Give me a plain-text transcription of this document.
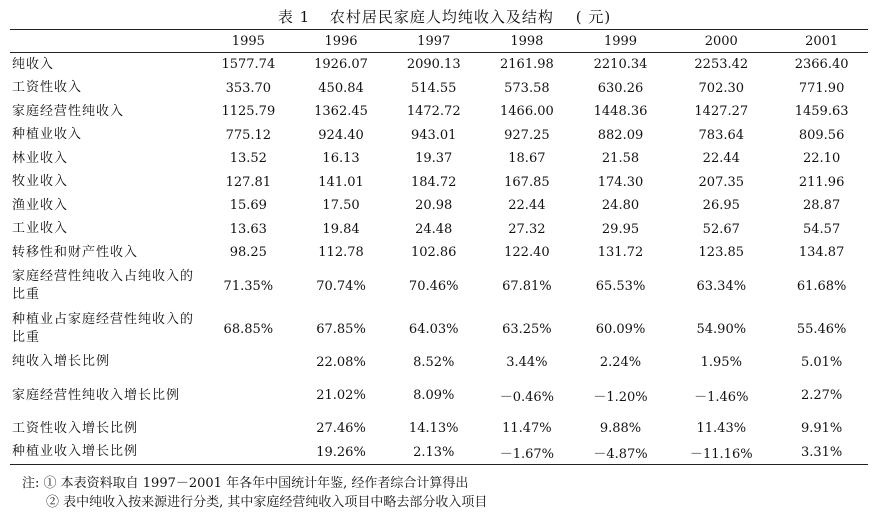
表 1 农村居民家庭人均纯收入及结构 ( 元)
	1995	1996	1997	1998	1999	2000	2001
纯收入	1577.74	1926.07	2090.13	2161.98	2210.34	2253.42	2366.40
工资性收入	353.70	450.84	514.55	573.58	630.26	702.30	771.90
家庭经营性纯收入	1125.79	1362.45	1472.72	1466.00	1448.36	1427.27	1459.63
种植业收入	775.12	924.40	943.01	927.25	882.09	783.64	809.56
林业收入	13.52	16.13	19.37	18.67	21.58	22.44	22.10
牧业收入	127.81	141.01	184.72	167.85	174.30	207.35	211.96
渔业收入	15.69	17.50	20.98	22.44	24.80	26.95	28.87
工业收入	13.63	19.84	24.48	27.32	29.95	52.67	54.57
转移性和财产性收入	98.25	112.78	102.86	122.40	131.72	123.85	134.87
家庭经营性纯收入占纯收入的比重	71.35%	70.74%	70.46%	67.81%	65.53%	63.34%	61.68%
种植业占家庭经营性纯收入的比重	68.85%	67.85%	64.03%	63.25%	60.09%	54.90%	55.46%
纯收入增长比例		22.08%	8.52%	3.44%	2.24%	1.95%	5.01%
家庭经营性纯收入增长比例		21.02%	8.09%	－0.46%	－1.20%	－1.46%	2.27%
工资性收入增长比例		27.46%	14.13%	11.47%	9.88%	11.43%	9.91%
种植业收入增长比例		19.26%	2.13%	－1.67%	－4.87%	－11.16%	3.31%
注: ① 本表资料取自 1997－2001 年各年中国统计年鉴, 经作者综合计算得出
② 表中纯收入按来源进行分类, 其中家庭经营纯收入项目中略去部分收入项目
